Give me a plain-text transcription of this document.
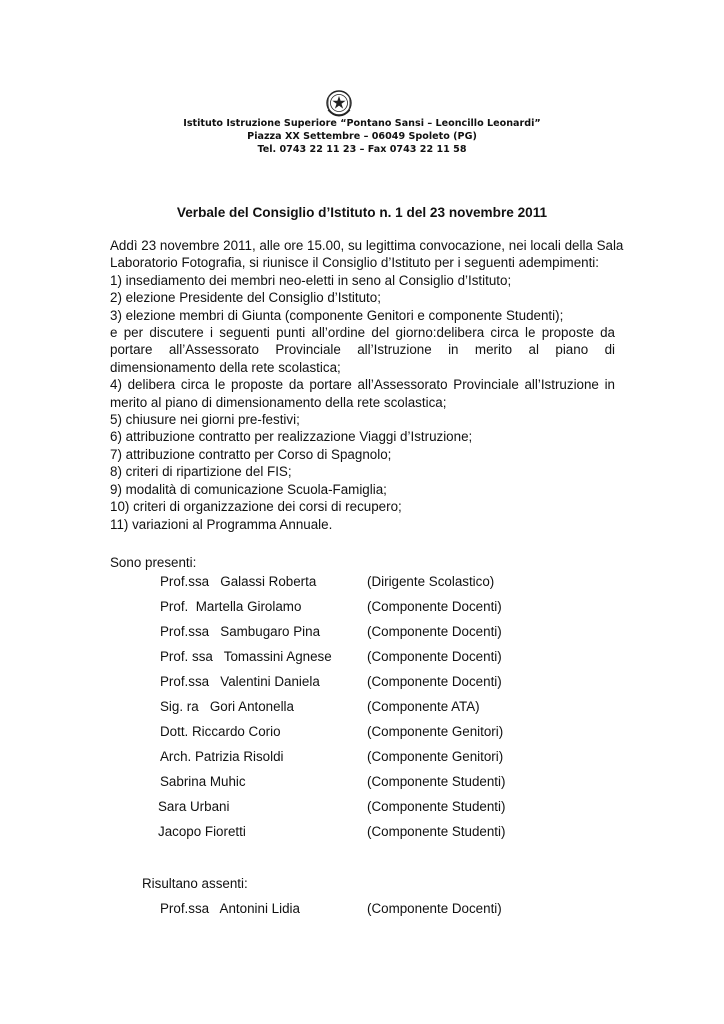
Istituto Istruzione Superiore “Pontano Sansi – Leoncillo Leonardi”
Piazza XX Settembre – 06049 Spoleto (PG)
Tel. 0743 22 11 23 – Fax 0743 22 11 58
Verbale del Consiglio d’Istituto n. 1 del 23 novembre 2011

Addì 23 novembre 2011, alle ore 15.00, su legittima convocazione, nei locali della Sala

Laboratorio Fotografia, si riunisce il Consiglio d’Istituto per i seguenti adempimenti:

1) insediamento dei membri neo-eletti in seno al Consiglio d’Istituto;

2) elezione Presidente del Consiglio d’Istituto;

3) elezione membri di Giunta (componente Genitori e componente Studenti);

e per discutere i seguenti punti all’ordine del giorno:delibera circa le proposte da portare all’Assessorato Provinciale all’Istruzione in merito al piano di dimensionamento della rete scolastica;

4) delibera circa le proposte da portare all’Assessorato Provinciale all’Istruzione in merito al piano di dimensionamento della rete scolastica;

5) chiusure nei giorni pre-festivi;

6) attribuzione contratto per realizzazione Viaggi d’Istruzione;

7) attribuzione contratto per Corso di Spagnolo;

8) criteri di ripartizione del FIS;

9) modalità di comunicazione Scuola-Famiglia;

10) criteri di organizzazione dei corsi di recupero;

11) variazioni al Programma Annuale.

Sono presenti:
Prof.ssa   Galassi Roberta	(Dirigente Scolastico)
Prof.  Martella Girolamo	(Componente Docenti)
Prof.ssa   Sambugaro Pina	(Componente Docenti)
Prof. ssa   Tomassini Agnese	(Componente Docenti)
Prof.ssa   Valentini Daniela	(Componente Docenti)
Sig. ra   Gori Antonella	(Componente ATA)
Dott. Riccardo Corio	(Componente Genitori)
Arch. Patrizia Risoldi	(Componente Genitori)
Sabrina Muhic	(Componente Studenti)
Sara Urbani	(Componente Studenti)
Jacopo Fioretti	(Componente Studenti)
Risultano assenti:
Prof.ssa   Antonini Lidia	(Componente Docenti)
